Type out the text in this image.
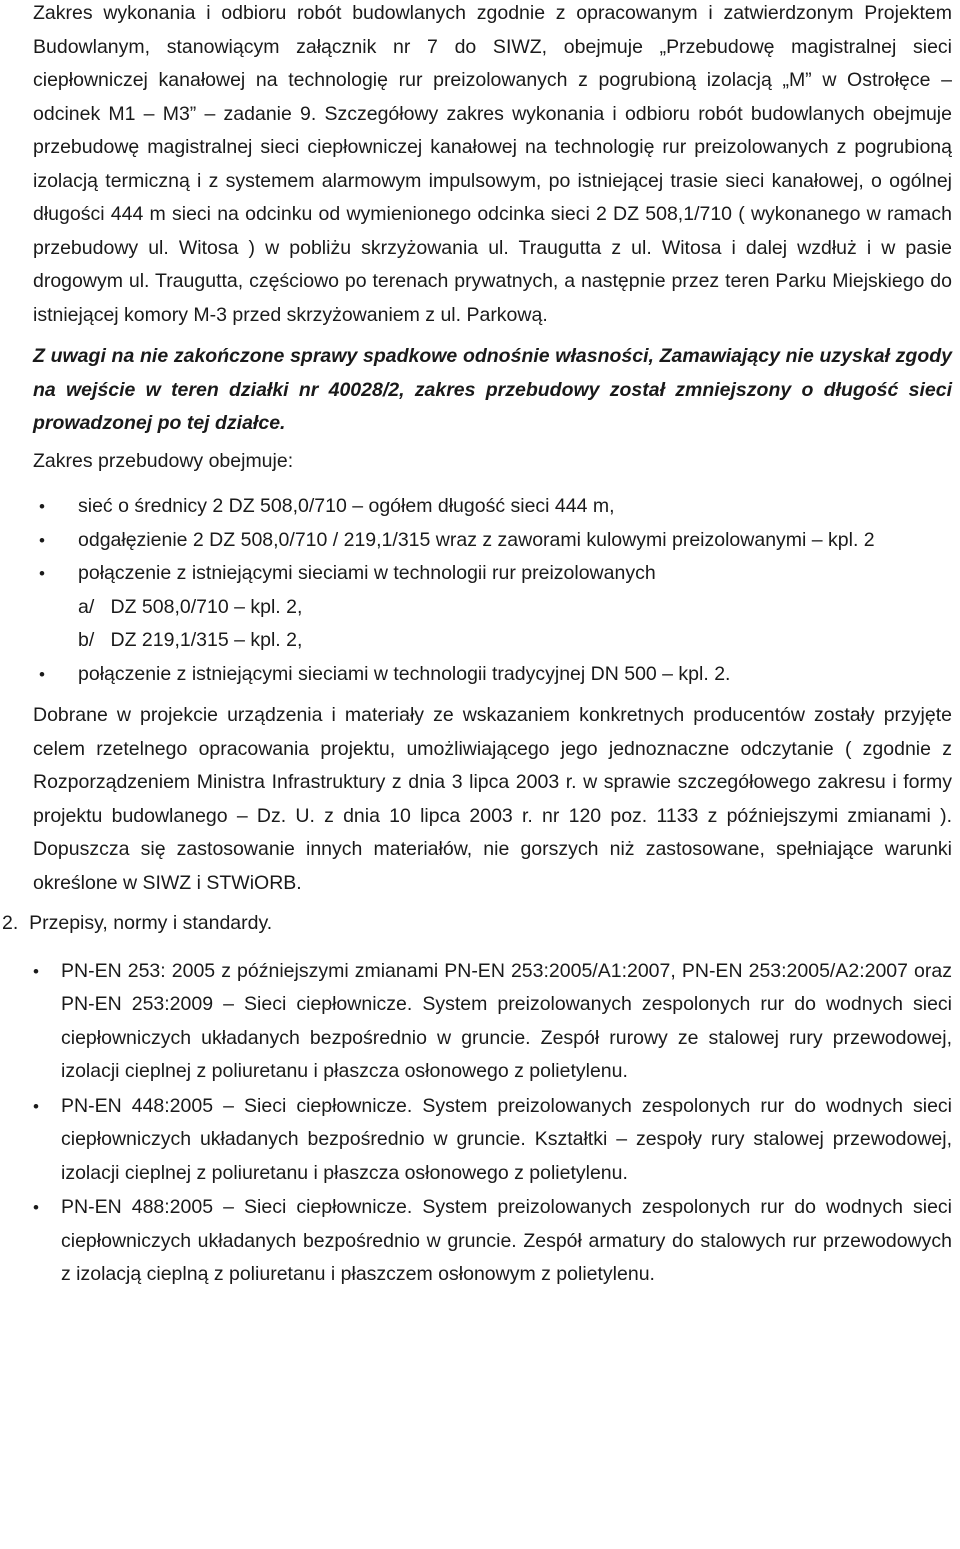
Zakres wykonania i odbioru robót budowlanych zgodnie z opracowanym i zatwierdzonym Projektem Budowlanym, stanowiącym załącznik nr 7 do SIWZ, obejmuje „Przebudowę magistralnej sieci ciepłowniczej kanałowej na technologię rur preizolowanych z pogrubioną izolacją „M” w Ostrołęce – odcinek M1 – M3” – zadanie 9. Szczegółowy zakres wykonania i odbioru robót budowlanych obejmuje przebudowę magistralnej sieci ciepłowniczej kanałowej na technologię rur preizolowanych z pogrubioną izolacją termiczną i z systemem alarmowym impulsowym, po istniejącej trasie sieci kanałowej, o ogólnej długości 444 m sieci na odcinku od wymienionego odcinka sieci 2 DZ 508,1/710 ( wykonanego w ramach przebudowy ul. Witosa ) w pobliżu skrzyżowania ul. Traugutta z ul. Witosa i dalej wzdłuż i w pasie drogowym ul. Traugutta, częściowo po terenach prywatnych, a następnie przez teren Parku Miejskiego do istniejącej komory M-3 przed skrzyżowaniem z ul. Parkową.

Z uwagi na nie zakończone sprawy spadkowe odnośnie własności, Zamawiający nie uzyskał zgody na wejście w teren działki nr 40028/2, zakres przebudowy został zmniejszony o długość sieci prowadzonej po tej działce.

Zakres przebudowy obejmuje:

• sieć o średnicy 2 DZ 508,0/710 – ogółem długość sieci 444 m,
• odgałęzienie 2 DZ 508,0/710 / 219,1/315 wraz z zaworami kulowymi preizolowanymi – kpl. 2
• połączenie z istniejącymi sieciami w technologii rur preizolowanych
a/   DZ 508,0/710 – kpl. 2,
b/   DZ 219,1/315 – kpl. 2,
• połączenie z istniejącymi sieciami w technologii tradycyjnej DN 500 – kpl. 2.

Dobrane w projekcie urządzenia i materiały ze wskazaniem konkretnych producentów zostały przyjęte celem rzetelnego opracowania projektu, umożliwiającego jego jednoznaczne odczytanie ( zgodnie z Rozporządzeniem Ministra Infrastruktury z dnia 3 lipca 2003 r. w sprawie szczegółowego zakresu i formy projektu budowlanego – Dz. U. z dnia 10 lipca 2003 r. nr 120 poz. 1133 z późniejszymi zmianami ). Dopuszcza się zastosowanie innych materiałów, nie gorszych niż zastosowane, spełniające warunki określone w SIWZ i STWiORB.

2.  Przepisy, normy i standardy.
• PN-EN 253: 2005 z późniejszymi zmianami PN-EN 253:2005/A1:2007, PN-EN 253:2005/A2:2007 oraz PN-EN 253:2009 – Sieci ciepłownicze. System preizolowanych zespolonych rur do wodnych sieci ciepłowniczych układanych bezpośrednio w gruncie. Zespół rurowy ze stalowej rury przewodowej, izolacji cieplnej z poliuretanu i płaszcza osłonowego z polietylenu.
• PN-EN 448:2005 – Sieci ciepłownicze. System preizolowanych zespolonych rur do wodnych sieci ciepłowniczych układanych bezpośrednio w gruncie. Kształtki – zespoły rury stalowej przewodowej, izolacji cieplnej z poliuretanu i płaszcza osłonowego z polietylenu.
• PN-EN 488:2005 – Sieci ciepłownicze. System preizolowanych zespolonych rur do wodnych sieci ciepłowniczych układanych bezpośrednio w gruncie. Zespół armatury do stalowych rur przewodowych z izolacją cieplną z poliuretanu i płaszczem osłonowym z polietylenu.
